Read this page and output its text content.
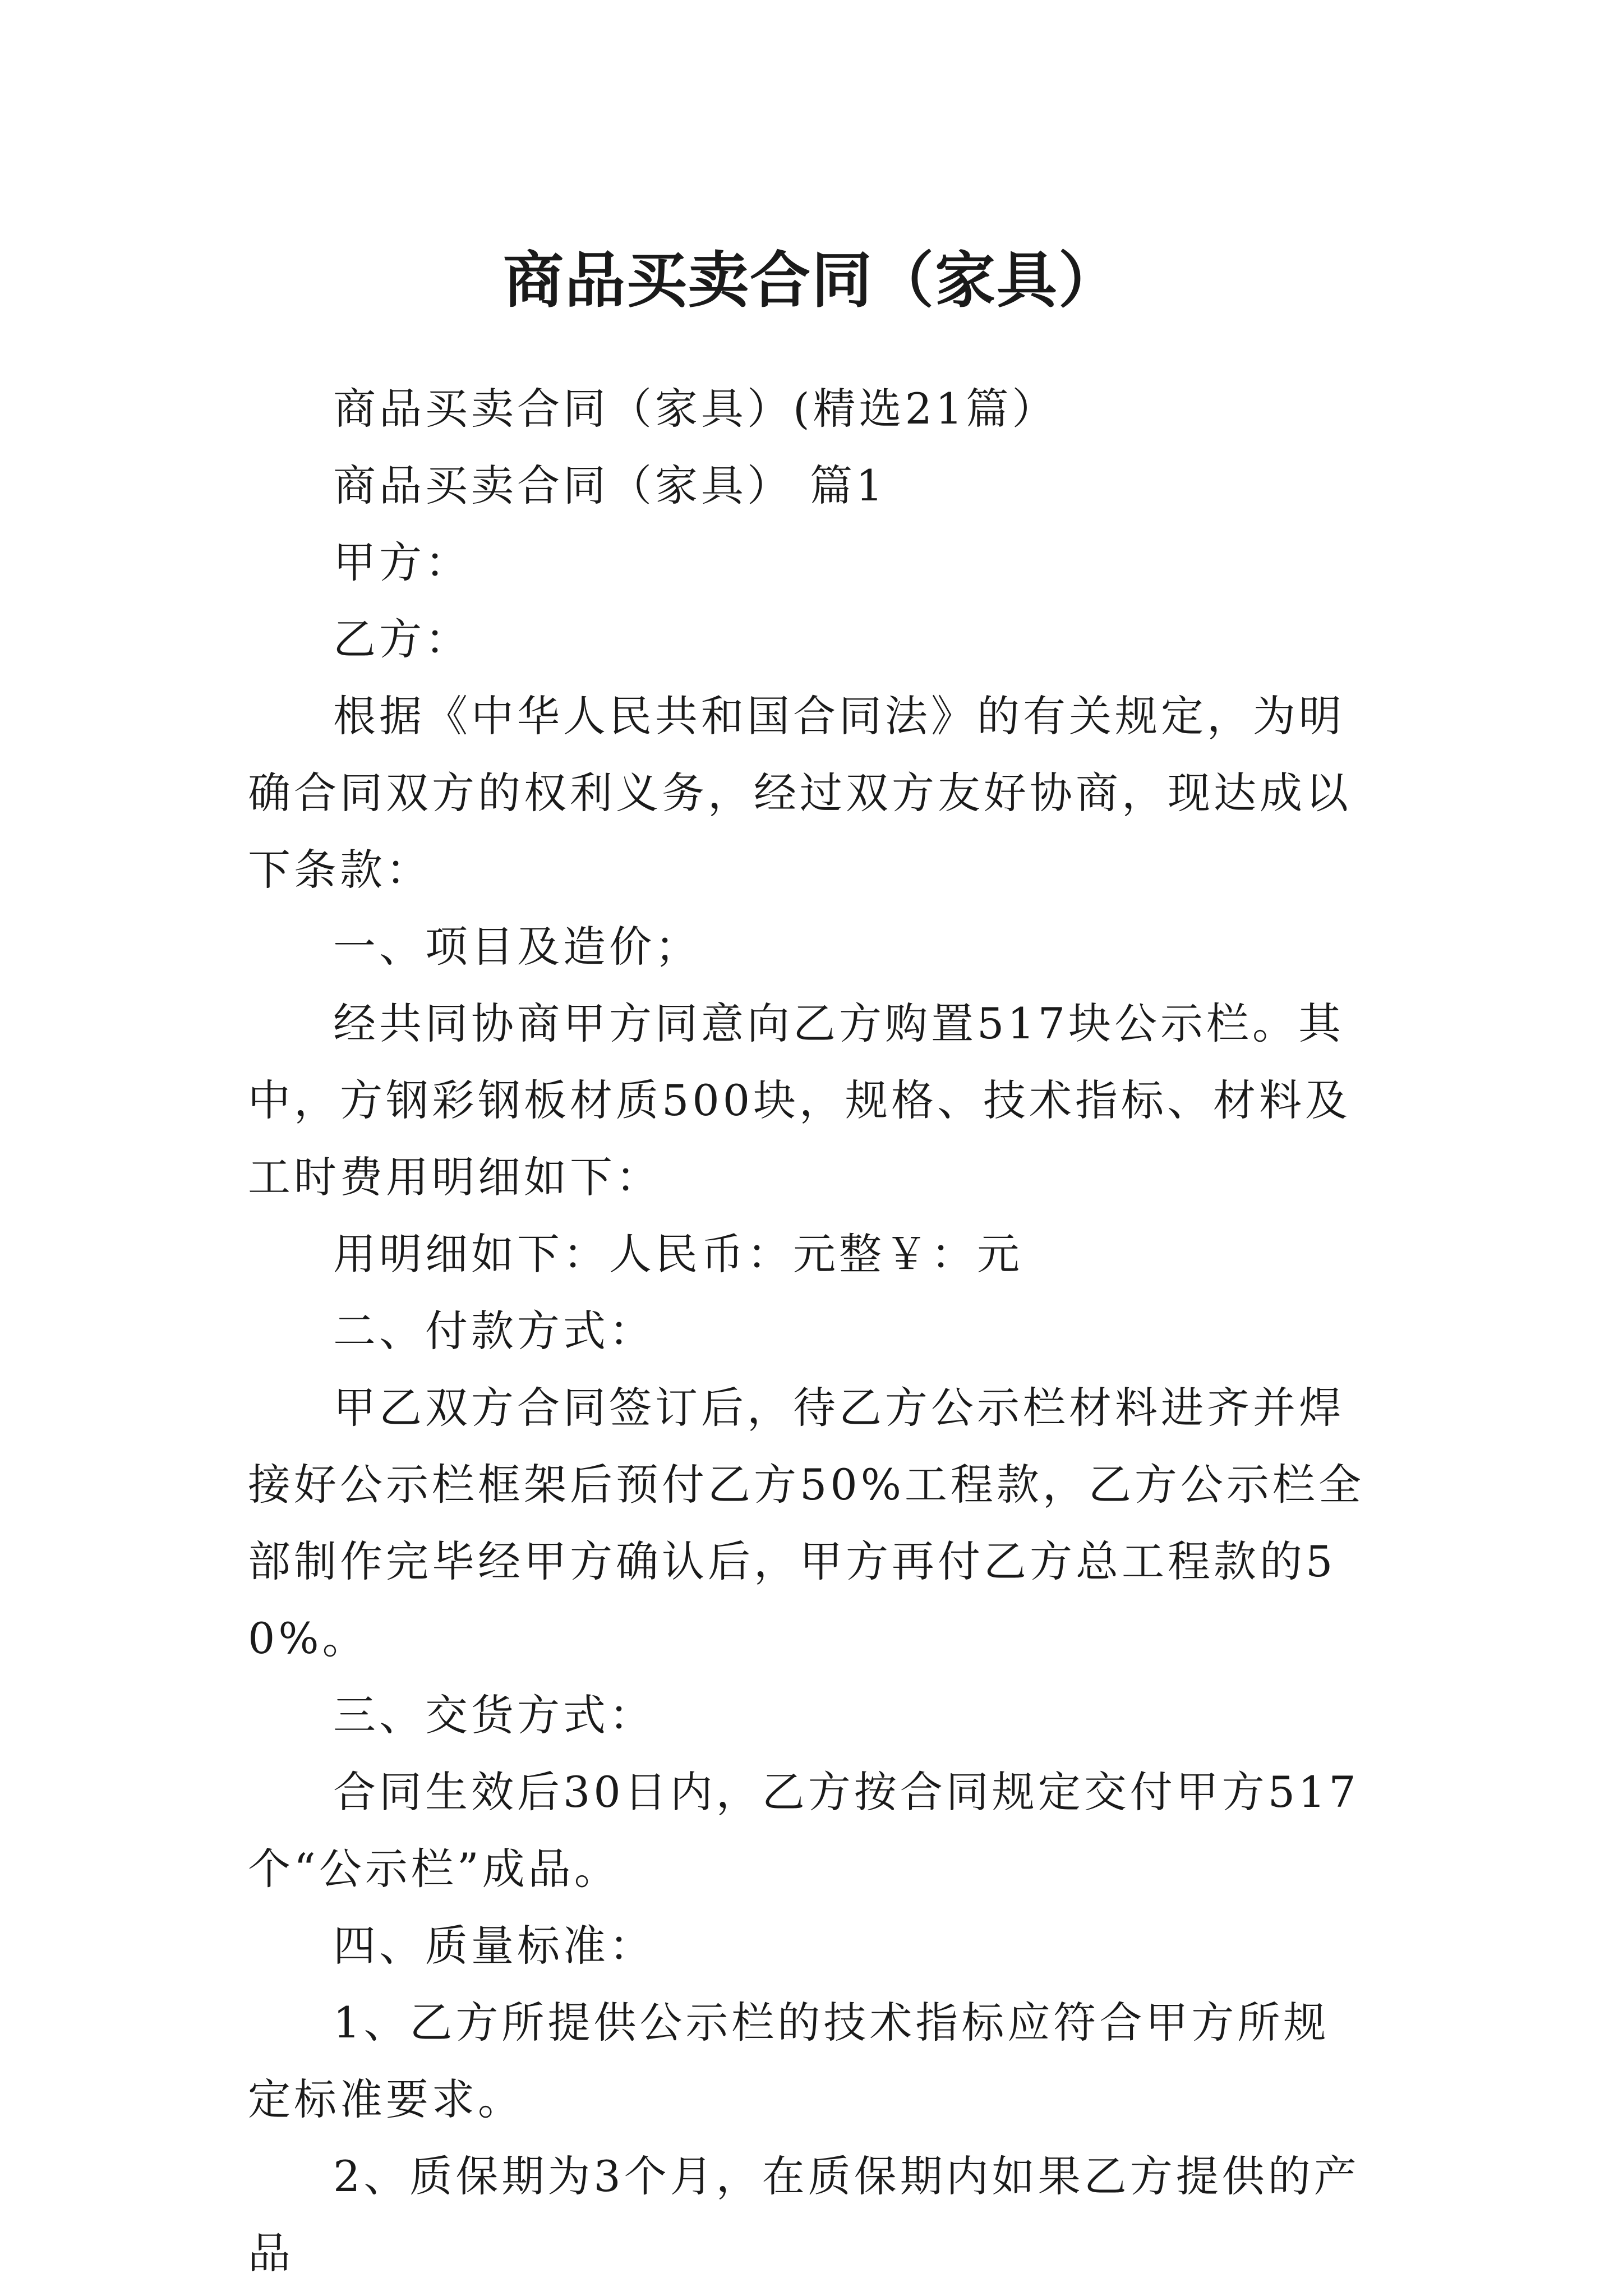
商品买卖合同（家具）

商品买卖合同（家具）(精选21篇）

商品买卖合同（家具） 篇1

甲方：

乙方：

根据《中华人民共和国合同法》的有关规定，为明确合同双方的权利义务，经过双方友好协商，现达成以下条款：

一、项目及造价；

经共同协商甲方同意向乙方购置517块公示栏。其中，方钢彩钢板材质500块，规格、技术指标、材料及工时费用明细如下：

用明细如下：人民币：元整￥：元

二、付款方式：

甲乙双方合同签订后，待乙方公示栏材料进齐并焊接好公示栏框架后预付乙方50%工程款，乙方公示栏全部制作完毕经甲方确认后，甲方再付乙方总工程款的50%。

三、交货方式：

合同生效后30日内，乙方按合同规定交付甲方517个“公示栏”成品。

四、质量标准：

1、乙方所提供公示栏的技术指标应符合甲方所规定标准要求。

2、质保期为3个月，在质保期内如果乙方提供的产品
